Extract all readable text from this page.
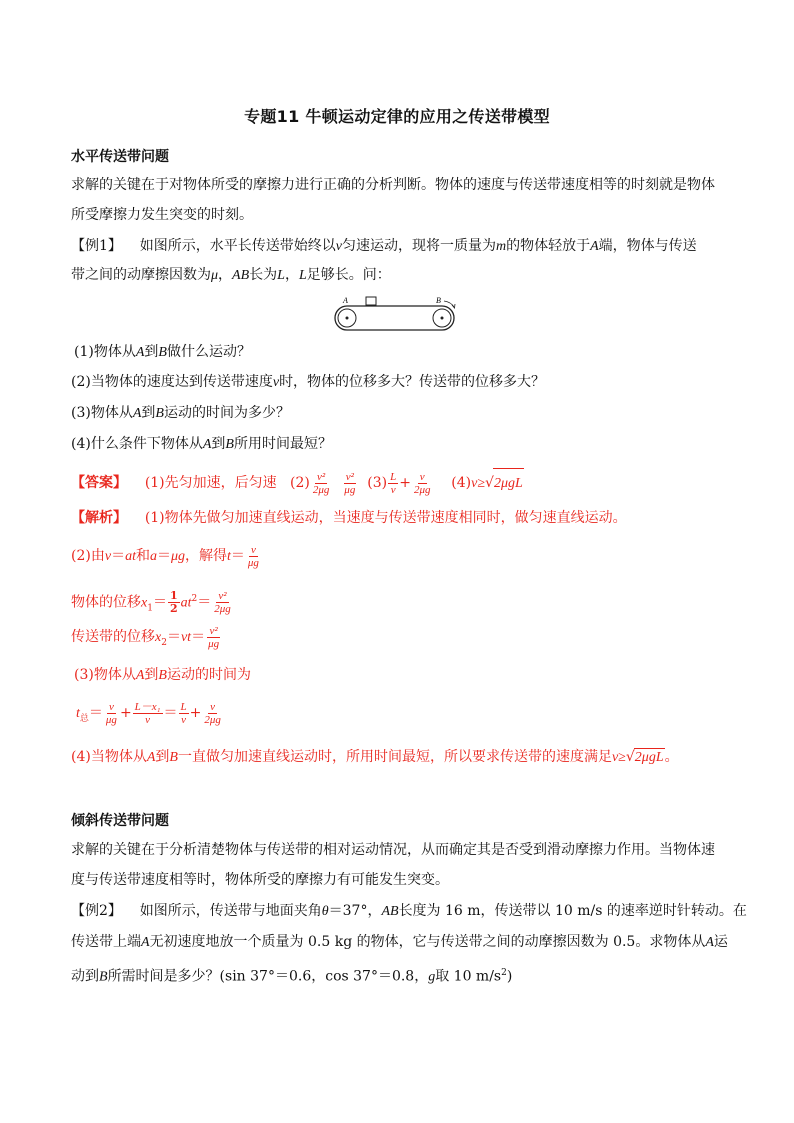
专题11 牛顿运动定律的应用之传送带模型
水平传送带问题
求解的关键在于对物体所受的摩擦力进行正确的分析判断。物体的速度与传送带速度相等的时刻就是物体
所受摩擦力发生突变的时刻。
【例1】 如图所示，水平长传送带始终以v匀速运动，现将一质量为m的物体轻放于A端，物体与传送
带之间的动摩擦因数为μ，AB长为L，L足够长。问：
A	B
(1)物体从A到B做什么运动？
(2)当物体的速度达到传送带速度v时，物体的位移多大？传送带的位移多大？
(3)物体从A到B运动的时间为多少？
(4)什么条件下物体从A到B所用时间最短？
【答案】 (1)先匀加速，后匀速 $(2) \frac{\text{v²}}{2\mu g}$
$\frac{\text{v²}}{\mu g} (3) \frac{L}{v} + \frac{v}{2\mu g} (4)v\ge√2\mu gL$
【解析】 (1)物体先做匀加速直线运动，当速度与传送带速度相同时，做匀速直线运动。
(2)由v＝at和a＝μg，解得$t= \frac{v}{\mu g}$
物体的位移$x_1= \frac{1}{2} at^2= \frac{\text{v²}}{2\mu g}$
传送带的位移$x_2=vt= \frac{\text{v²}}{\mu g}$
(3)物体从A到B运动的时间为
$t_总= \frac{v}{\mu g} + \frac{\text{L－x₁}}{v} = \frac{L}{v} + \frac{v}{2\mu g}$
(4)当物体从A到B一直做匀加速直线运动时，所用时间最短，所以要求传送带的速度满足v≥√2μgL。
倾斜传送带问题
求解的关键在于分析清楚物体与传送带的相对运动情况，从而确定其是否受到滑动摩擦力作用。当物体速
度与传送带速度相等时，物体所受的摩擦力有可能发生突变。
【例2】 如图所示，传送带与地面夹角θ＝37°，AB长度为 16 m，传送带以 10 m/s 的速率逆时针转动。在
传送带上端A无初速度地放一个质量为 0.5 kg 的物体，它与传送带之间的动摩擦因数为 0.5。求物体从A运
动到B所需时间是多少？(sin 37°＝0.6，cos 37°＝0.8，g取 10 $m/s^2$)
